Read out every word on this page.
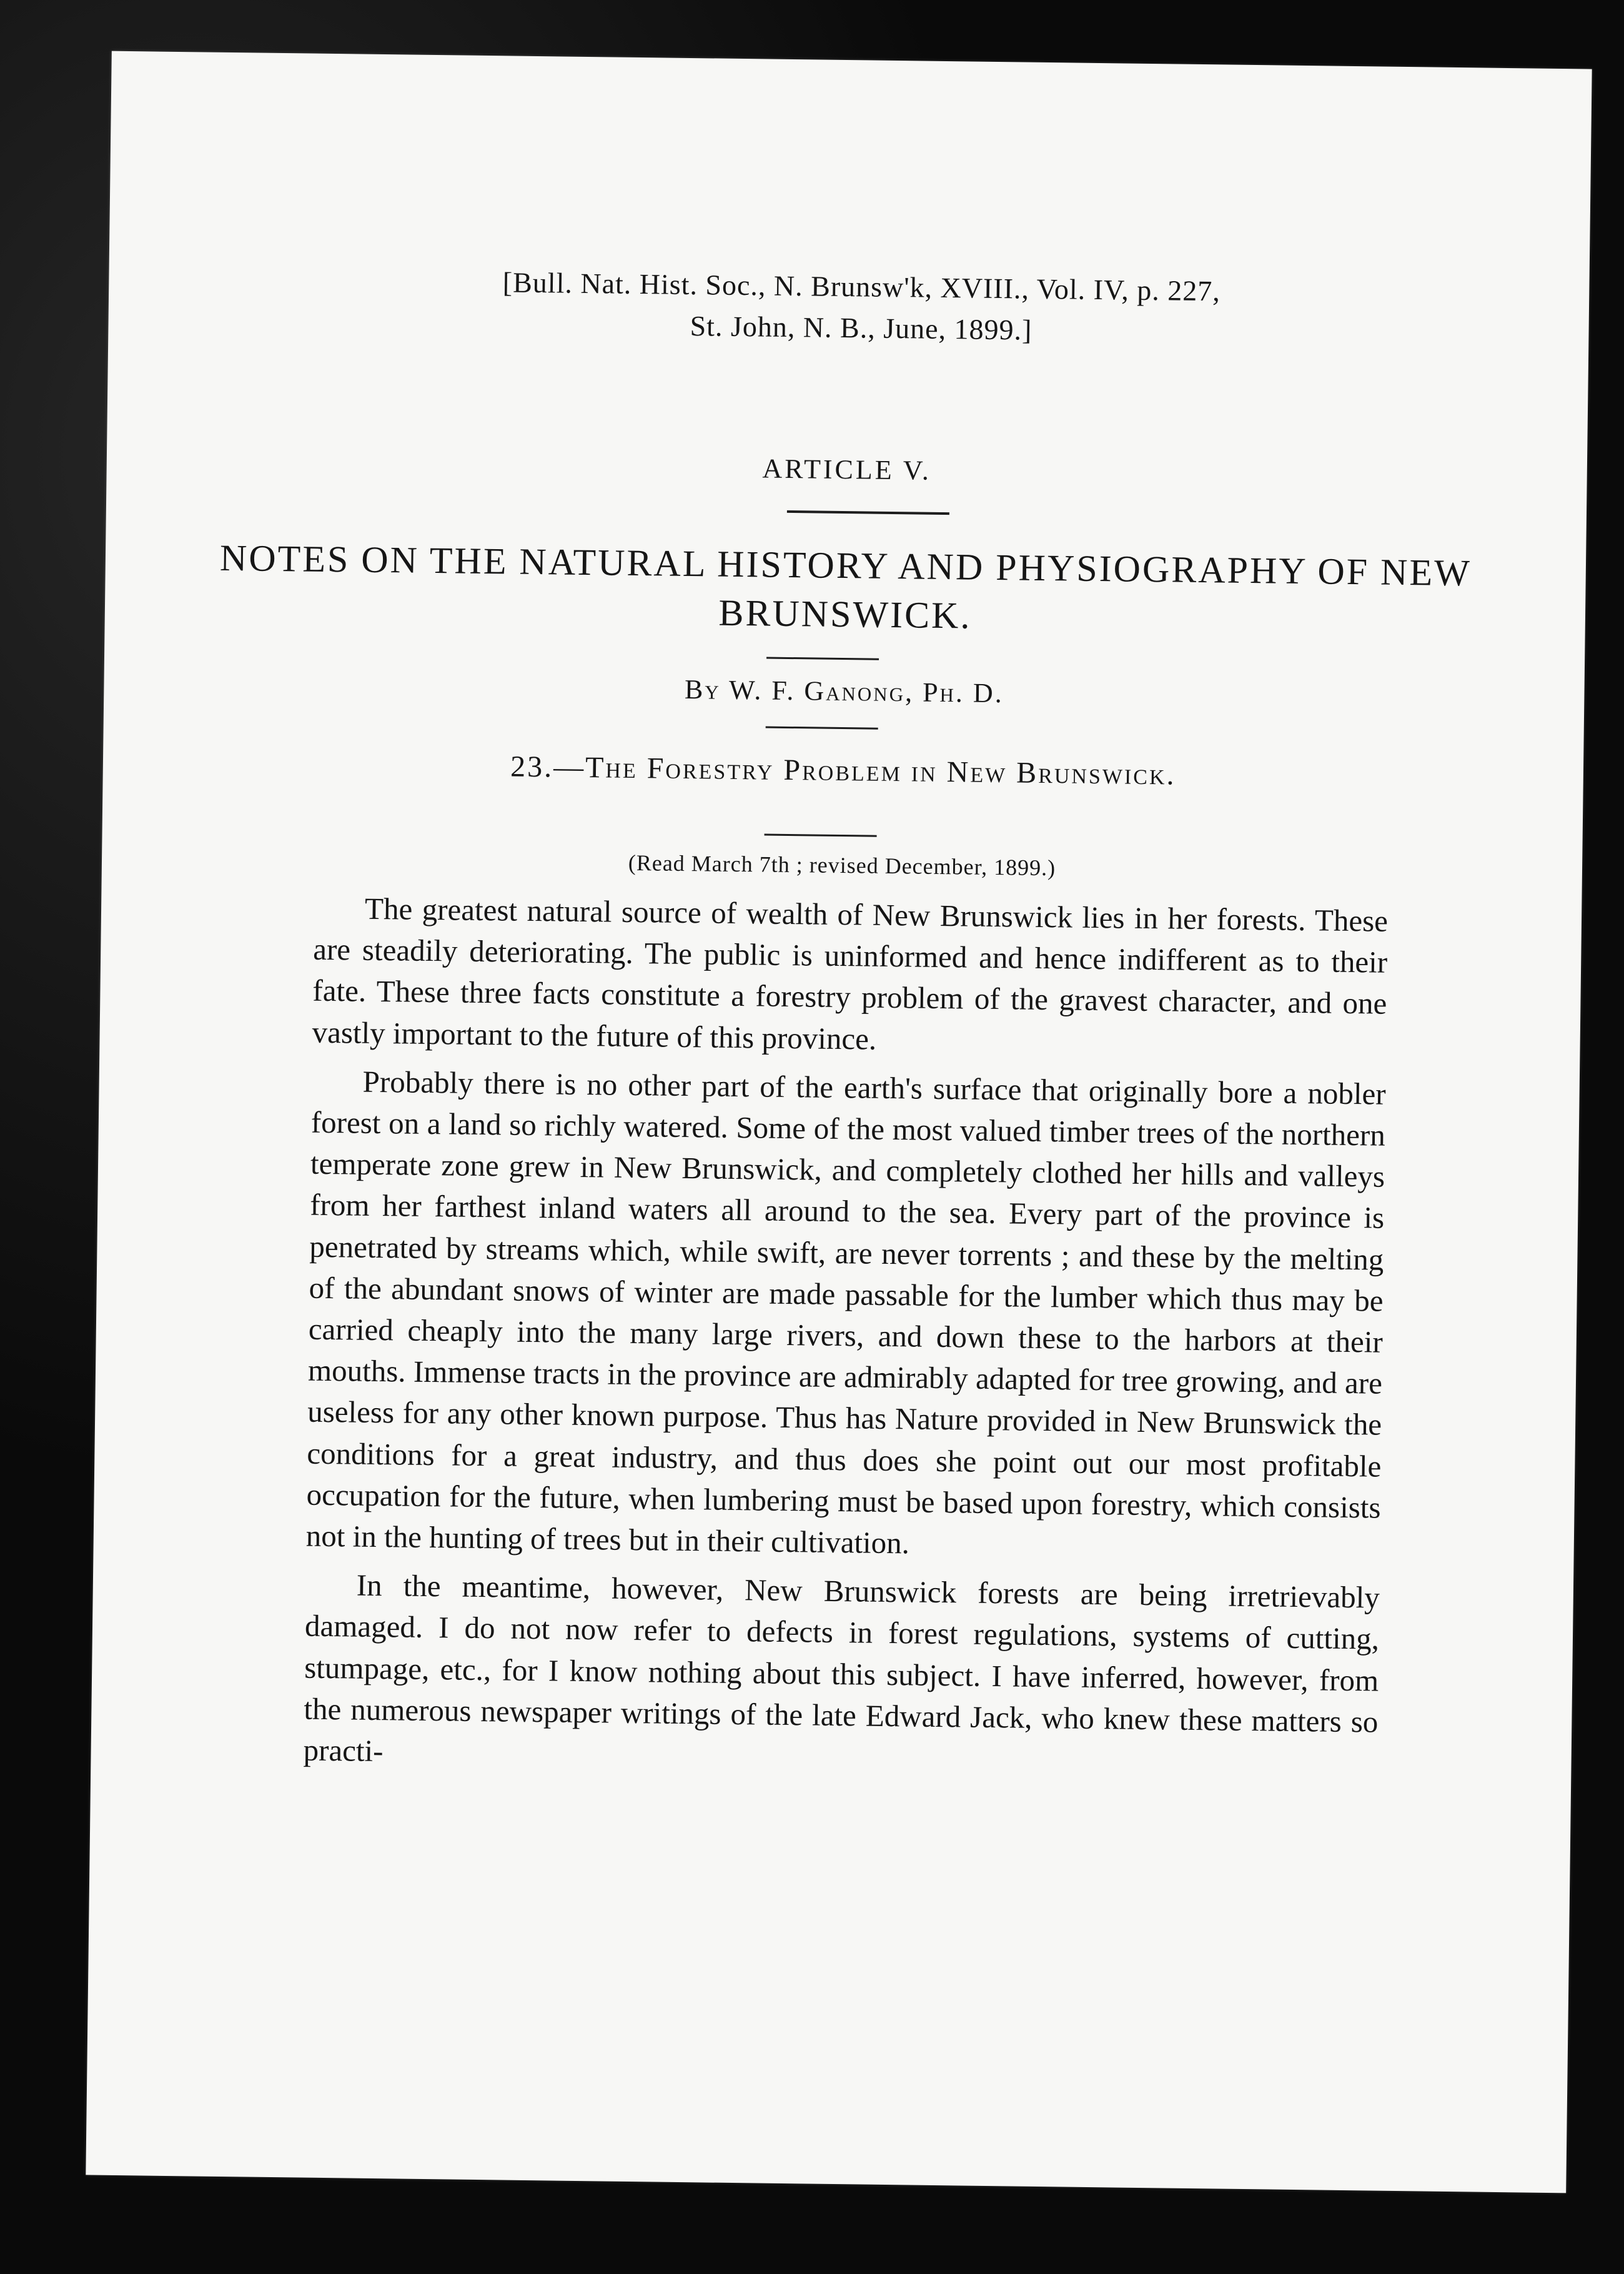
[Bull. Nat. Hist. Soc., N. Brunsw'k, XVIII., Vol. IV, p. 227,
St. John, N. B., June, 1899.]
ARTICLE V.
NOTES ON THE NATURAL HISTORY AND PHYSIOGRAPHY OF NEW BRUNSWICK.
By W. F. Ganong, Ph. D.
23.—The Forestry Problem in New Brunswick.
(Read March 7th ; revised December, 1899.)

The greatest natural source of wealth of New Brunswick lies in her forests. These are steadily deteriorating. The public is uninformed and hence indifferent as to their fate. These three facts constitute a forestry problem of the gravest character, and one vastly important to the future of this province.

Probably there is no other part of the earth's surface that originally bore a nobler forest on a land so richly watered. Some of the most valued timber trees of the northern temperate zone grew in New Brunswick, and completely clothed her hills and valleys from her farthest inland waters all around to the sea. Every part of the province is penetrated by streams which, while swift, are never torrents ; and these by the melting of the abundant snows of winter are made passable for the lumber which thus may be carried cheaply into the many large rivers, and down these to the harbors at their mouths. Immense tracts in the province are admirably adapted for tree growing, and are useless for any other known purpose. Thus has Nature provided in New Brunswick the conditions for a great industry, and thus does she point out our most profitable occupation for the future, when lumbering must be based upon forestry, which consists not in the hunting of trees but in their cultivation.

In the meantime, however, New Brunswick forests are being irretrievably damaged. I do not now refer to defects in forest regulations, systems of cutting, stumpage, etc., for I know nothing about this subject. I have inferred, however, from the numerous newspaper writings of the late Edward Jack, who knew these matters so practi-
